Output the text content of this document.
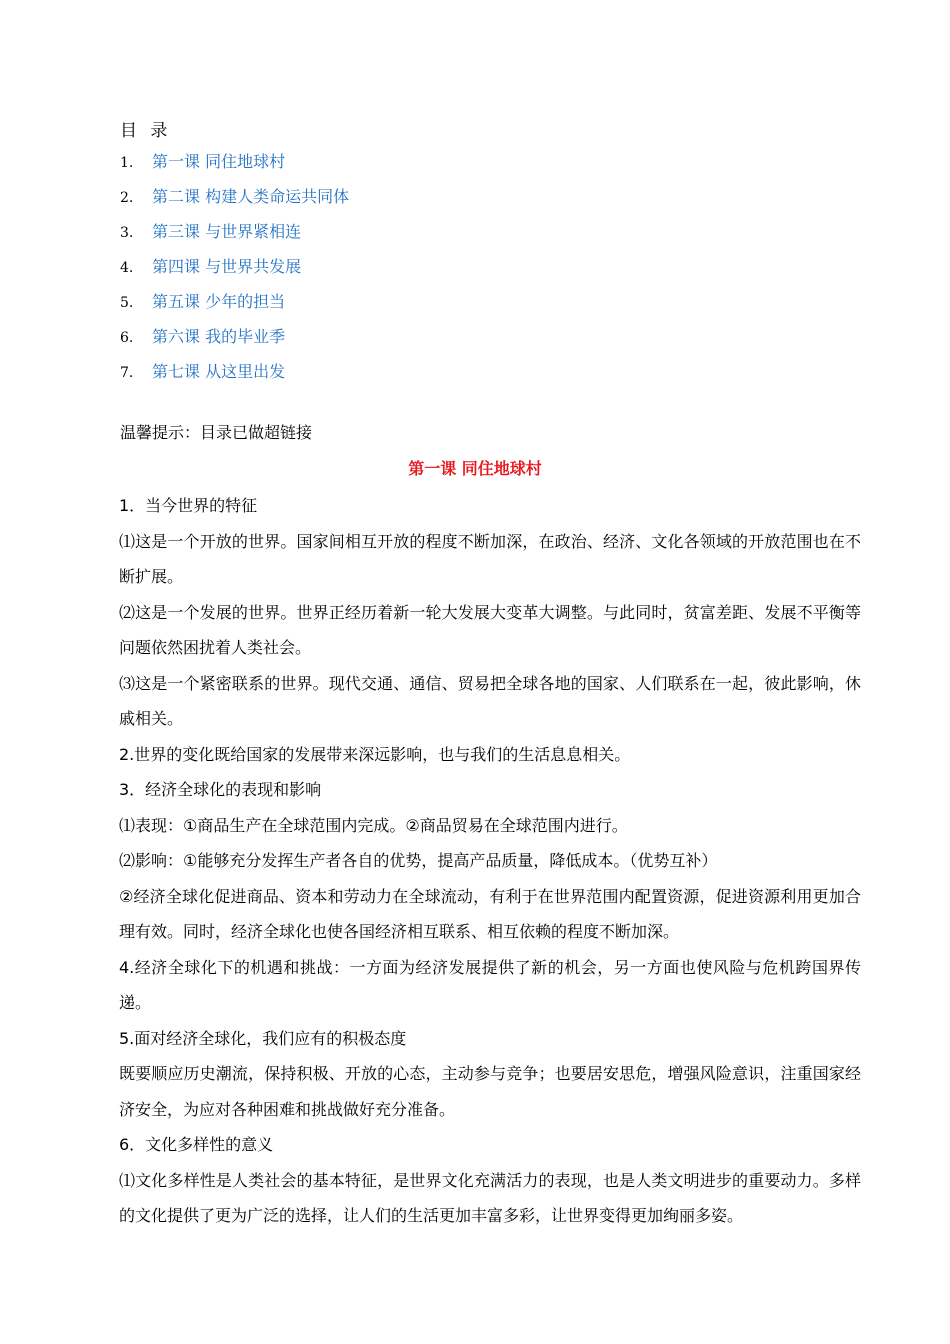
目 录
1. 第一课 同住地球村
2. 第二课 构建人类命运共同体
3. 第三课 与世界紧相连
4. 第四课 与世界共发展
5. 第五课 少年的担当
6. 第六课 我的毕业季
7. 第七课 从这里出发
温馨提示：目录已做超链接
第一课 同住地球村
1．当今世界的特征
⑴这是一个开放的世界。国家间相互开放的程度不断加深，在政治、经济、文化各领域的开放范围也在不断扩展。
⑵这是一个发展的世界。世界正经历着新一轮大发展大变革大调整。与此同时，贫富差距、发展不平衡等问题依然困扰着人类社会。
⑶这是一个紧密联系的世界。现代交通、通信、贸易把全球各地的国家、人们联系在一起，彼此影响，休戚相关。
2.世界的变化既给国家的发展带来深远影响，也与我们的生活息息相关。
3．经济全球化的表现和影响
⑴表现：①商品生产在全球范围内完成。②商品贸易在全球范围内进行。
⑵影响：①能够充分发挥生产者各自的优势，提高产品质量，降低成本。（优势互补）
②经济全球化促进商品、资本和劳动力在全球流动，有利于在世界范围内配置资源，促进资源利用更加合理有效。同时，经济全球化也使各国经济相互联系、相互依赖的程度不断加深。
4.经济全球化下的机遇和挑战：一方面为经济发展提供了新的机会，另一方面也使风险与危机跨国界传递。
5.面对经济全球化，我们应有的积极态度
既要顺应历史潮流，保持积极、开放的心态，主动参与竞争；也要居安思危，增强风险意识，注重国家经济安全，为应对各种困难和挑战做好充分准备。
6．文化多样性的意义
⑴文化多样性是人类社会的基本特征，是世界文化充满活力的表现，也是人类文明进步的重要动力。多样的文化提供了更为广泛的选择，让人们的生活更加丰富多彩，让世界变得更加绚丽多姿。
